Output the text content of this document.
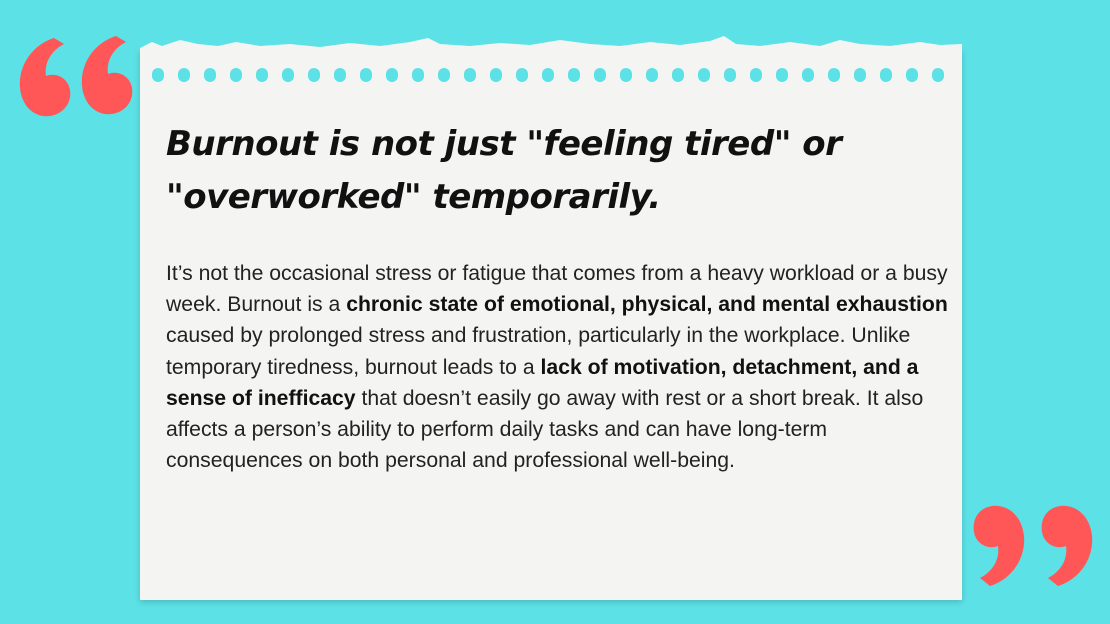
Burnout is not just "feeling tired" or
"overworked" temporarily.
It’s not the occasional stress or fatigue that comes from a heavy workload or a busy week. Burnout is a chronic state of emotional, physical, and mental exhaustion caused by prolonged stress and frustration, particularly in the workplace. Unlike temporary tiredness, burnout leads to a lack of motivation, detachment, and a sense of inefficacy that doesn’t easily go away with rest or a short break. It also affects a person’s ability to perform daily tasks and can have long-term consequences on both personal and professional well-being.
